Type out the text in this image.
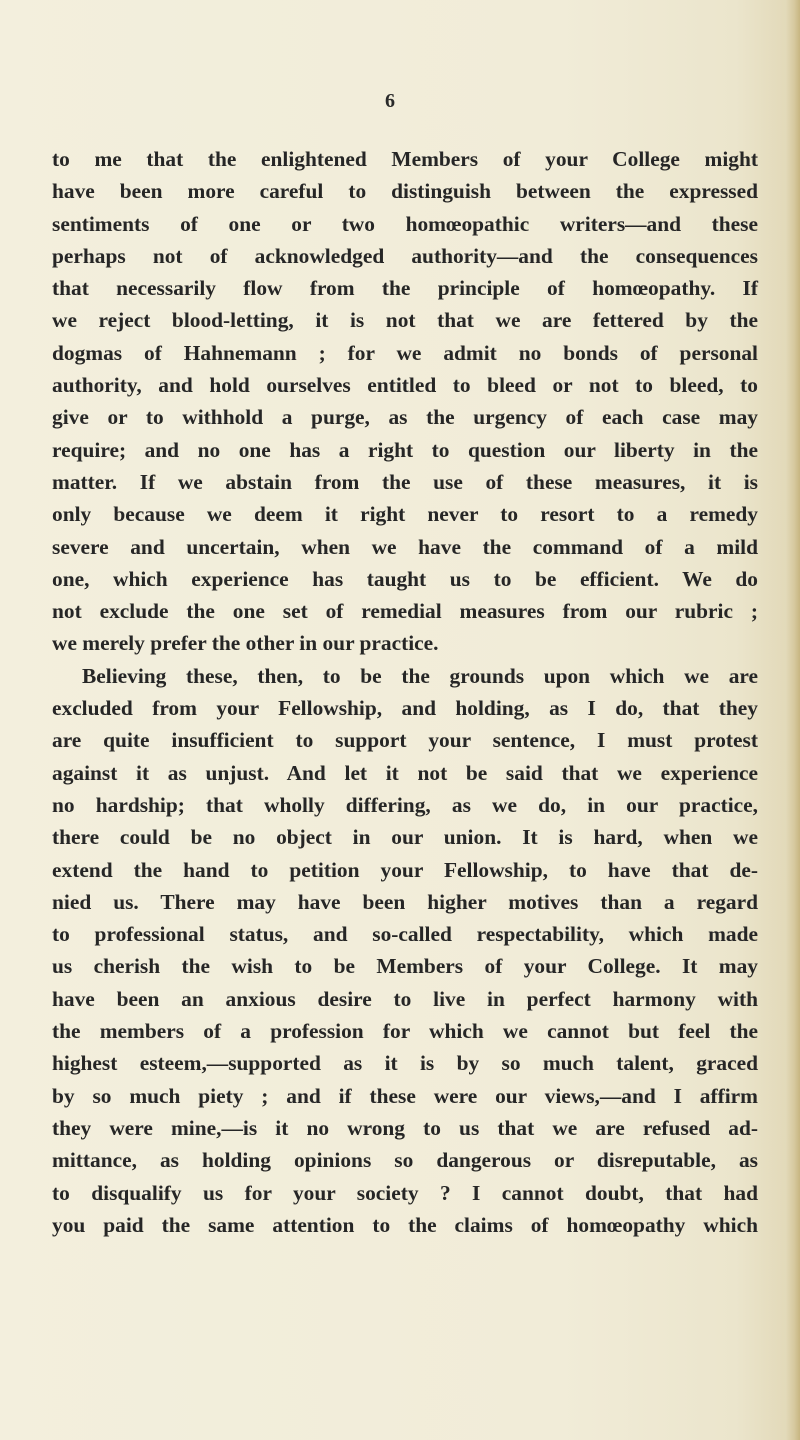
6
to me that the enlightened Members of your College might
have been more careful to distinguish between the expressed
sentiments of one or two homœopathic writers—and these
perhaps not of acknowledged authority—and the consequences
that necessarily flow from the principle of homœopathy. If
we reject blood-letting, it is not that we are fettered by the
dogmas of Hahnemann ; for we admit no bonds of personal
authority, and hold ourselves entitled to bleed or not to bleed, to
give or to withhold a purge, as the urgency of each case may
require; and no one has a right to question our liberty in the
matter. If we abstain from the use of these measures, it is
only because we deem it right never to resort to a remedy
severe and uncertain, when we have the command of a mild
one, which experience has taught us to be efficient. We do
not exclude the one set of remedial measures from our rubric ;
we merely prefer the other in our practice.
Believing these, then, to be the grounds upon which we are
excluded from your Fellowship, and holding, as I do, that they
are quite insufficient to support your sentence, I must protest
against it as unjust. And let it not be said that we experience
no hardship; that wholly differing, as we do, in our practice,
there could be no object in our union. It is hard, when we
extend the hand to petition your Fellowship, to have that de-
nied us. There may have been higher motives than a regard
to professional status, and so-called respectability, which made
us cherish the wish to be Members of your College. It may
have been an anxious desire to live in perfect harmony with
the members of a profession for which we cannot but feel the
highest esteem,—supported as it is by so much talent, graced
by so much piety ; and if these were our views,—and I affirm
they were mine,—is it no wrong to us that we are refused ad-
mittance, as holding opinions so dangerous or disreputable, as
to disqualify us for your society ? I cannot doubt, that had
you paid the same attention to the claims of homœopathy which
